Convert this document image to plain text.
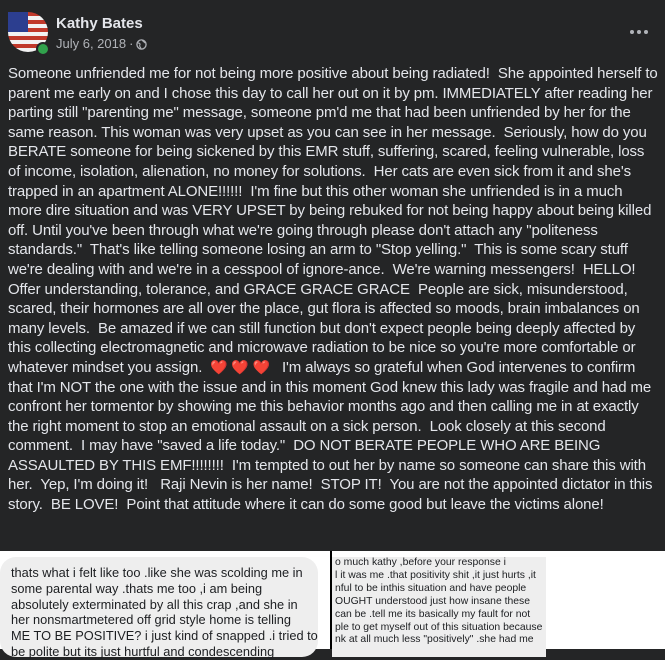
Kathy Bates
July 6, 2018 ·
Someone unfriended me for not being more positive about being radiated!  She appointed herself to parent me early on and I chose this day to call her out on it by pm. IMMEDIATELY after reading her parting still "parenting me" message, someone pm'd me that had been unfriended by her for the same reason. This woman was very upset as you can see in her message.  Seriously, how do you BERATE someone for being sickened by this EMR stuff, suffering, scared, feeling vulnerable, loss of income, isolation, alienation, no money for solutions.  Her cats are even sick from it and she's trapped in an apartment ALONE!!!!!!  I'm fine but this other woman she unfriended is in a much more dire situation and was VERY UPSET by being rebuked for not being happy about being killed off. Until you've been through what we're going through please don't attach any "politeness standards."  That's like telling someone losing an arm to "Stop yelling."  This is some scary stuff we're dealing with and we're in a cesspool of ignore-ance.  We're warning messengers!  HELLO!  Offer understanding, tolerance, and GRACE GRACE GRACE  People are sick, misunderstood, scared, their hormones are all over the place, gut flora is affected so moods, brain imbalances on many levels.  Be amazed if we can still function but don't expect people being deeply affected by this collecting electromagnetic and microwave radiation to be nice so you're more comfortable or whatever mindset you assign.  ❤️ ❤️ ❤️   I'm always so grateful when God intervenes to confirm that I'm NOT the one with the issue and in this moment God knew this lady was fragile and had me confront her tormentor by showing me this behavior months ago and then calling me in at exactly the right moment to stop an emotional assault on a sick person.  Look closely at this second comment.  I may have "saved a life today."  DO NOT BERATE PEOPLE WHO ARE BEING ASSAULTED BY THIS EMF!!!!!!!!  I'm tempted to out her by name so someone can share this with her.  Yep, I'm doing it!   Raji Nevin is her name!  STOP IT!  You are not the appointed dictator in this story.  BE LOVE!  Point that attitude where it can do some good but leave the victims alone!
thats what i felt like too .like she was scolding me in
some parental way .thats me too ,i am being
absolutely exterminated by all this crap ,and she in
her nonsmartmetered off grid style home is telling
ME TO BE POSITIVE? i just kind of snapped .i tried to
be polite but its just hurtful and condescending
o much kathy ,before your response i
l it was me .that positivity shit ,it just hurts ,it
nful to be inthis situation and have people
OUGHT understood just how insane these
can be .tell me its basically my fault for not
ple to get myself out of this situation because
nk at all much less "positively" .she had me
